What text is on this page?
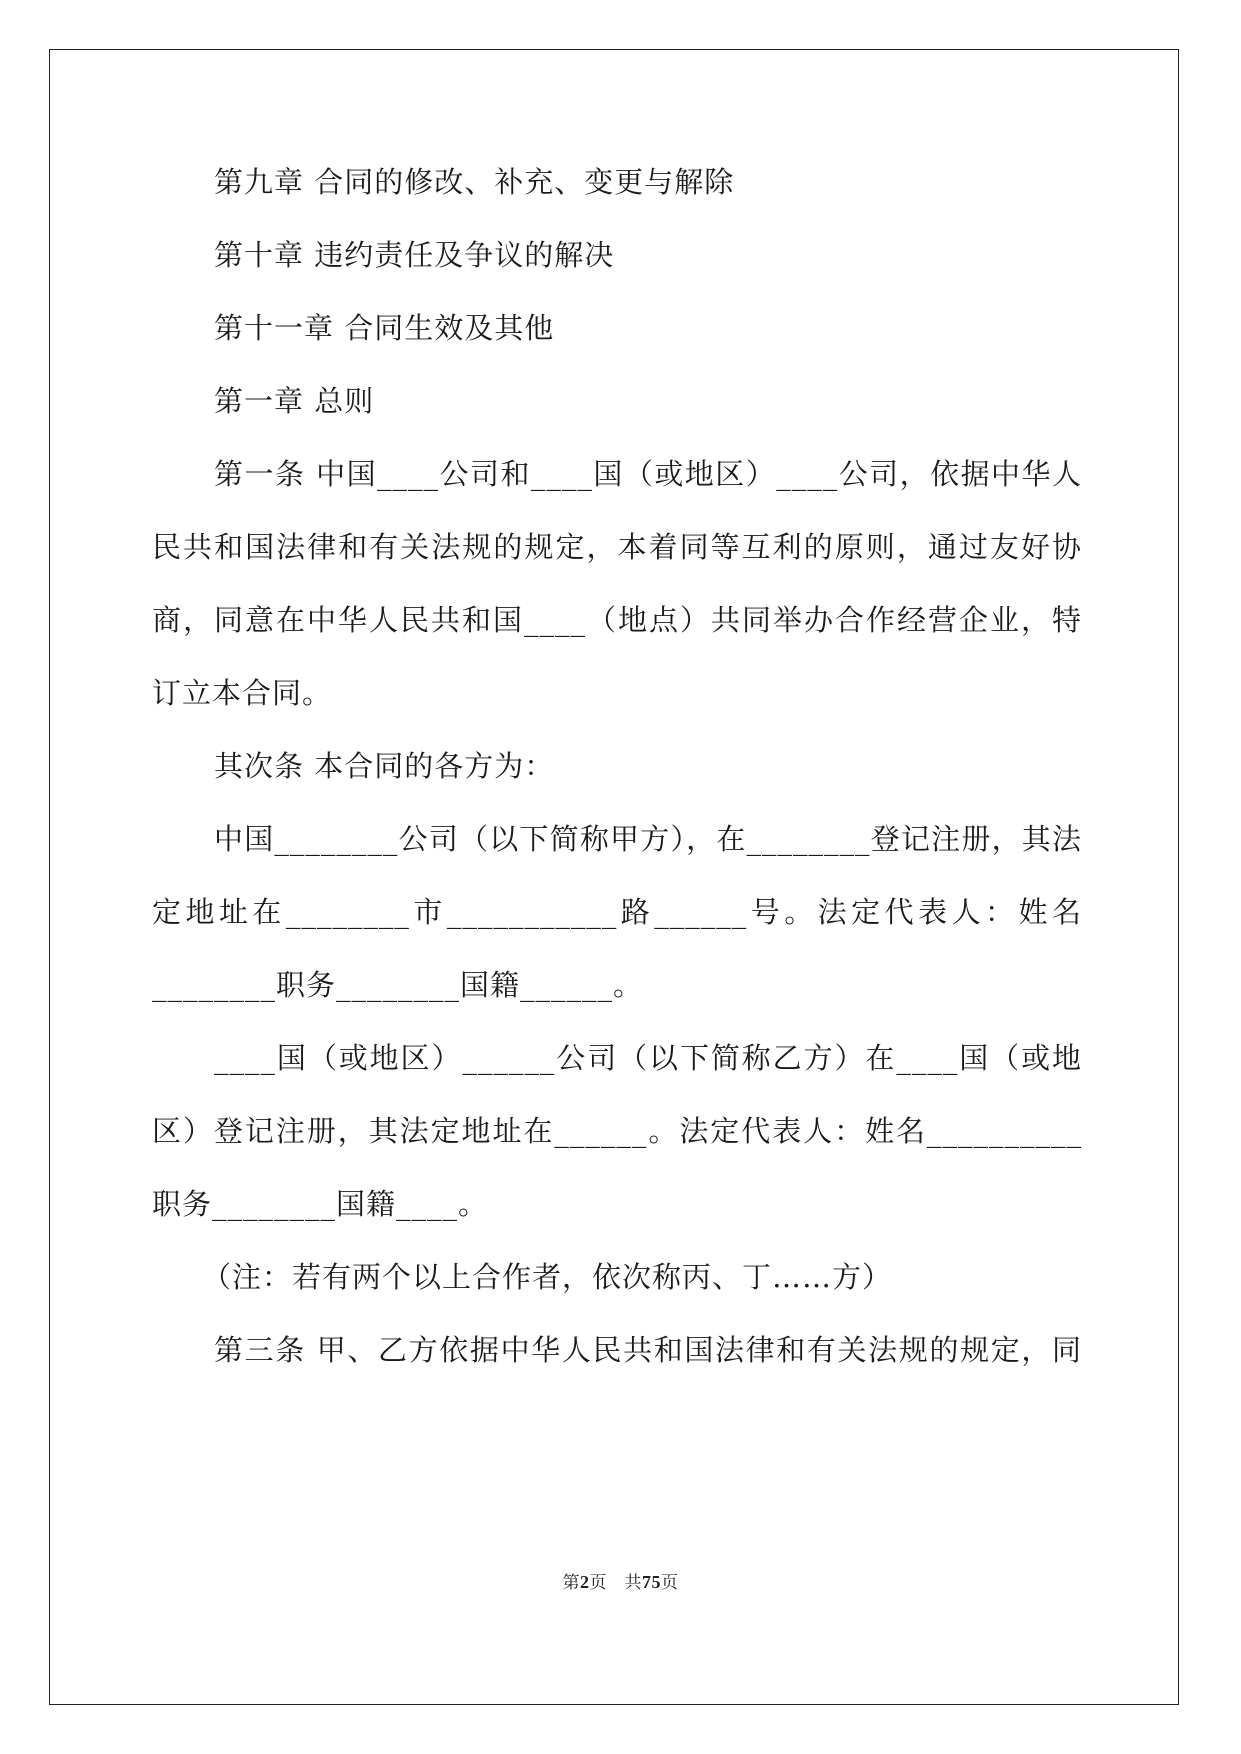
第九章 合同的修改、补充、变更与解除
第十章 违约责任及争议的解决
第十一章 合同生效及其他
第一章 总则
第一条 中国____公司和____国（或地区）____公司，依据中华人
民共和国法律和有关法规的规定，本着同等互利的原则，通过友好协
商，同意在中华人民共和国____（地点）共同举办合作经营企业，特
订立本合同。
其次条 本合同的各方为：
中国________公司（以下简称甲方），在________登记注册，其法
定地址在________市___________路______号。法定代表人：姓名
________职务________国籍______。
____国（或地区）______公司（以下简称乙方）在____国（或地
区）登记注册，其法定地址在______。法定代表人：姓名__________
职务________国籍____。
（注：若有两个以上合作者，依次称丙、丁……方）
第三条 甲、乙方依据中华人民共和国法律和有关法规的规定，同
第2页　共75页
